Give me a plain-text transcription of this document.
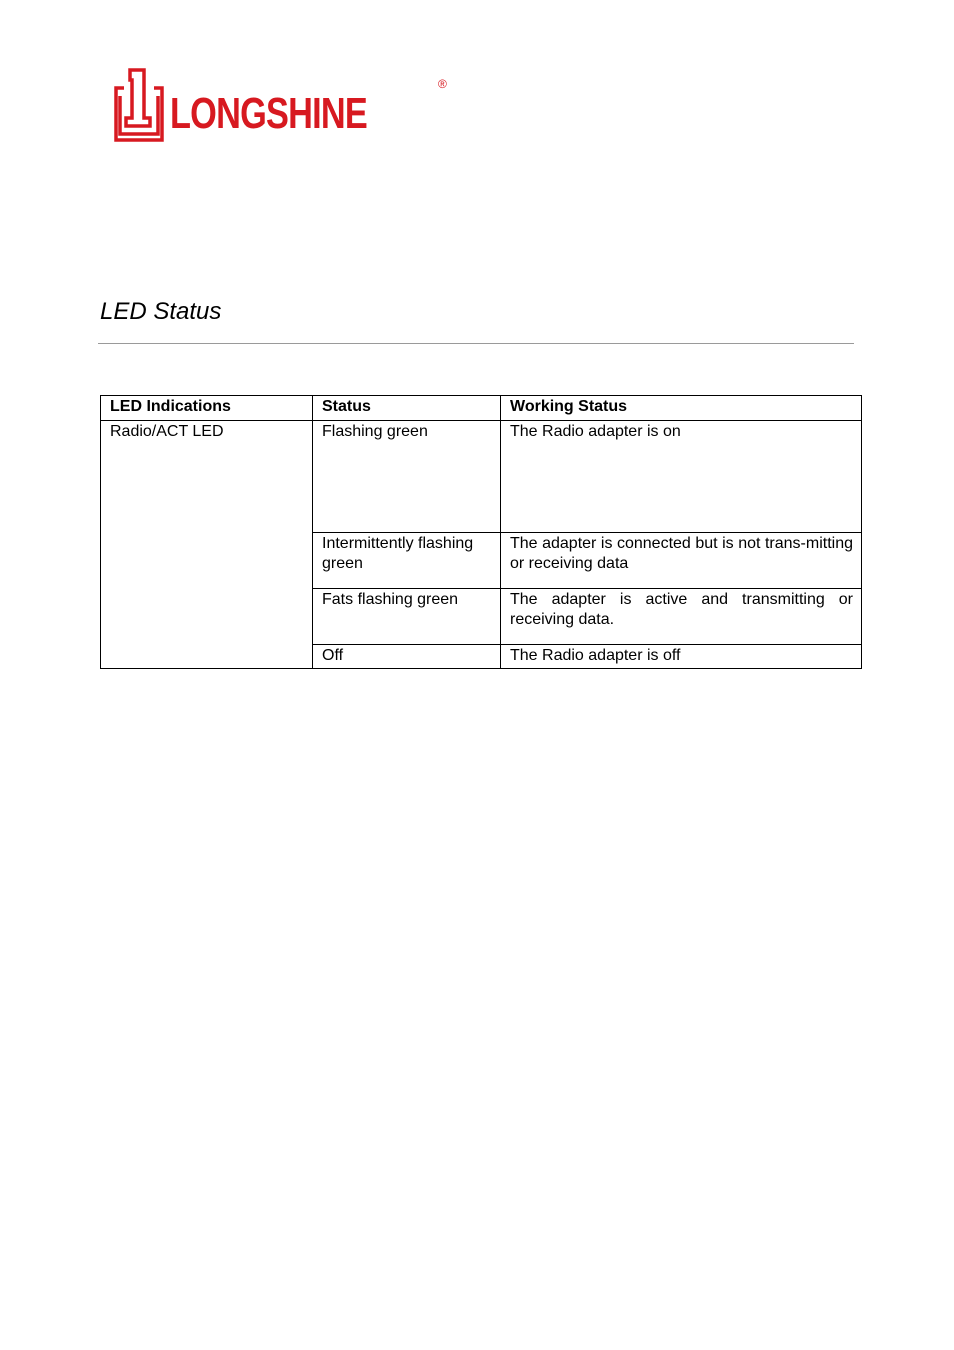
LONGSHINE
®
LED Status
LED Indications	Status	Working Status
Radio/ACT LED	Flashing green	The Radio adapter is on
	Intermittently flashing green	The adapter is connected but is not trans-mitting or receiving data
	Fats flashing green	The adapter is active and transmitting or receiving data.
	Off	The Radio adapter is off
